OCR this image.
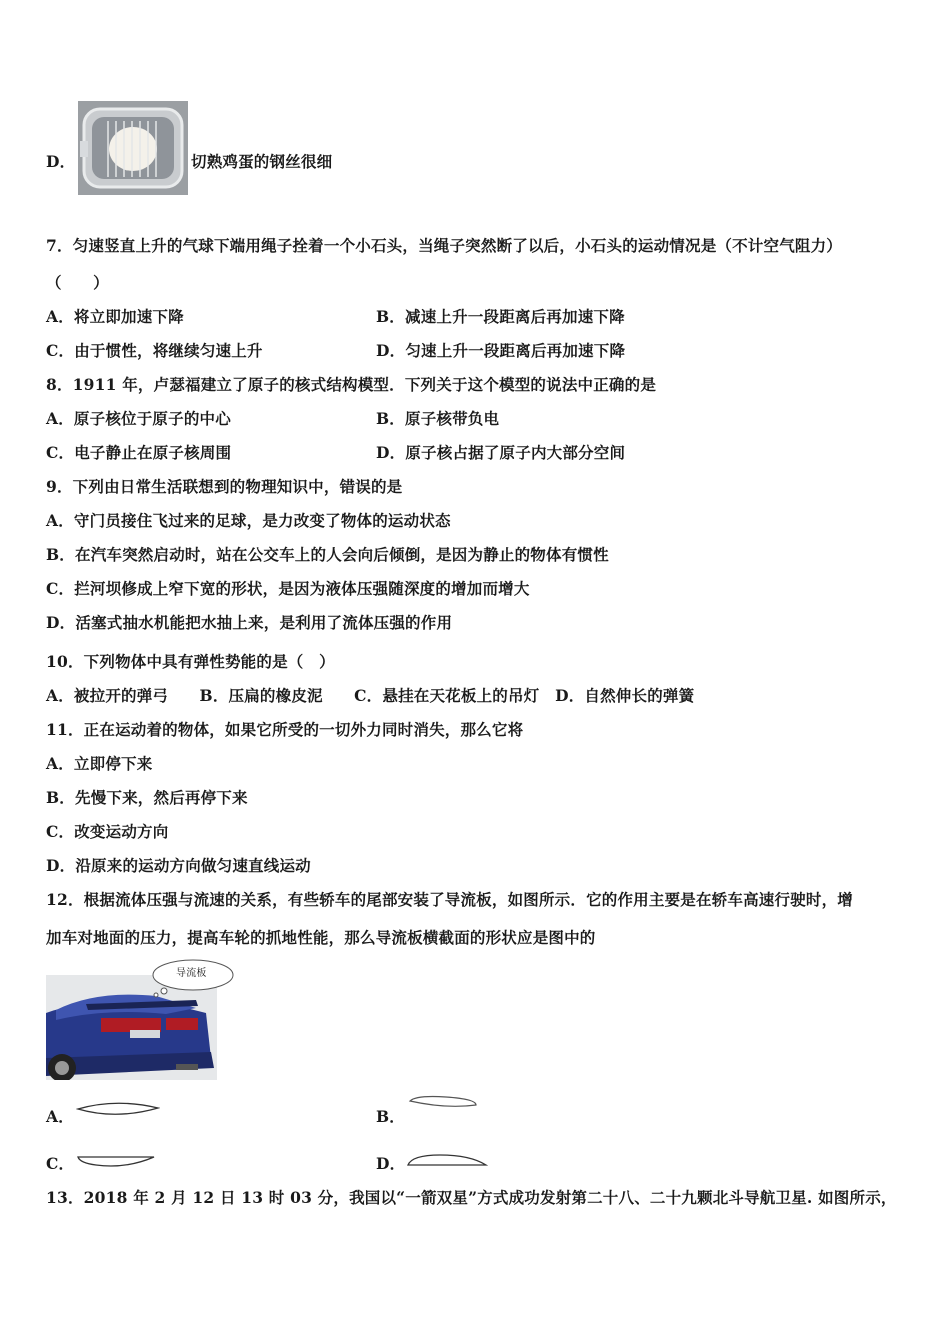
D．	切熟鸡蛋的钢丝很细
7．匀速竖直上升的气球下端用绳子拴着一个小石头，当绳子突然断了以后，小石头的运动情况是（不计空气阻力）
（　　）
A．将立即加速下降	B．减速上升一段距离后再加速下降
C．由于惯性，将继续匀速上升	D．匀速上升一段距离后再加速下降
8．1911 年，卢瑟福建立了原子的核式结构模型．下列关于这个模型的说法中正确的是
A．原子核位于原子的中心	B．原子核带负电
C．电子静止在原子核周围	D．原子核占据了原子内大部分空间
9．下列由日常生活联想到的物理知识中，错误的是
A．守门员接住飞过来的足球，是力改变了物体的运动状态
B．在汽车突然启动时，站在公交车上的人会向后倾倒，是因为静止的物体有惯性
C．拦河坝修成上窄下宽的形状，是因为液体压强随深度的增加而增大
D．活塞式抽水机能把水抽上来，是利用了流体压强的作用
10．下列物体中具有弹性势能的是（　）
A．被拉开的弹弓　　B．压扁的橡皮泥　　C．悬挂在天花板上的吊灯　D．自然伸长的弹簧
11．正在运动着的物体，如果它所受的一切外力同时消失，那么它将
A．立即停下来
B．先慢下来，然后再停下来
C．改变运动方向
D．沿原来的运动方向做匀速直线运动
12．根据流体压强与流速的关系，有些轿车的尾部安装了导流板，如图所示．它的作用主要是在轿车高速行驶时，增
加车对地面的压力，提高车轮的抓地性能，那么导流板横截面的形状应是图中的
导流板
A．	B．
C．	D．
13．2018 年 2 月 12 日 13 时 03 分，我国以“一箭双星”方式成功发射第二十八、二十九颗北斗导航卫星. 如图所示，
